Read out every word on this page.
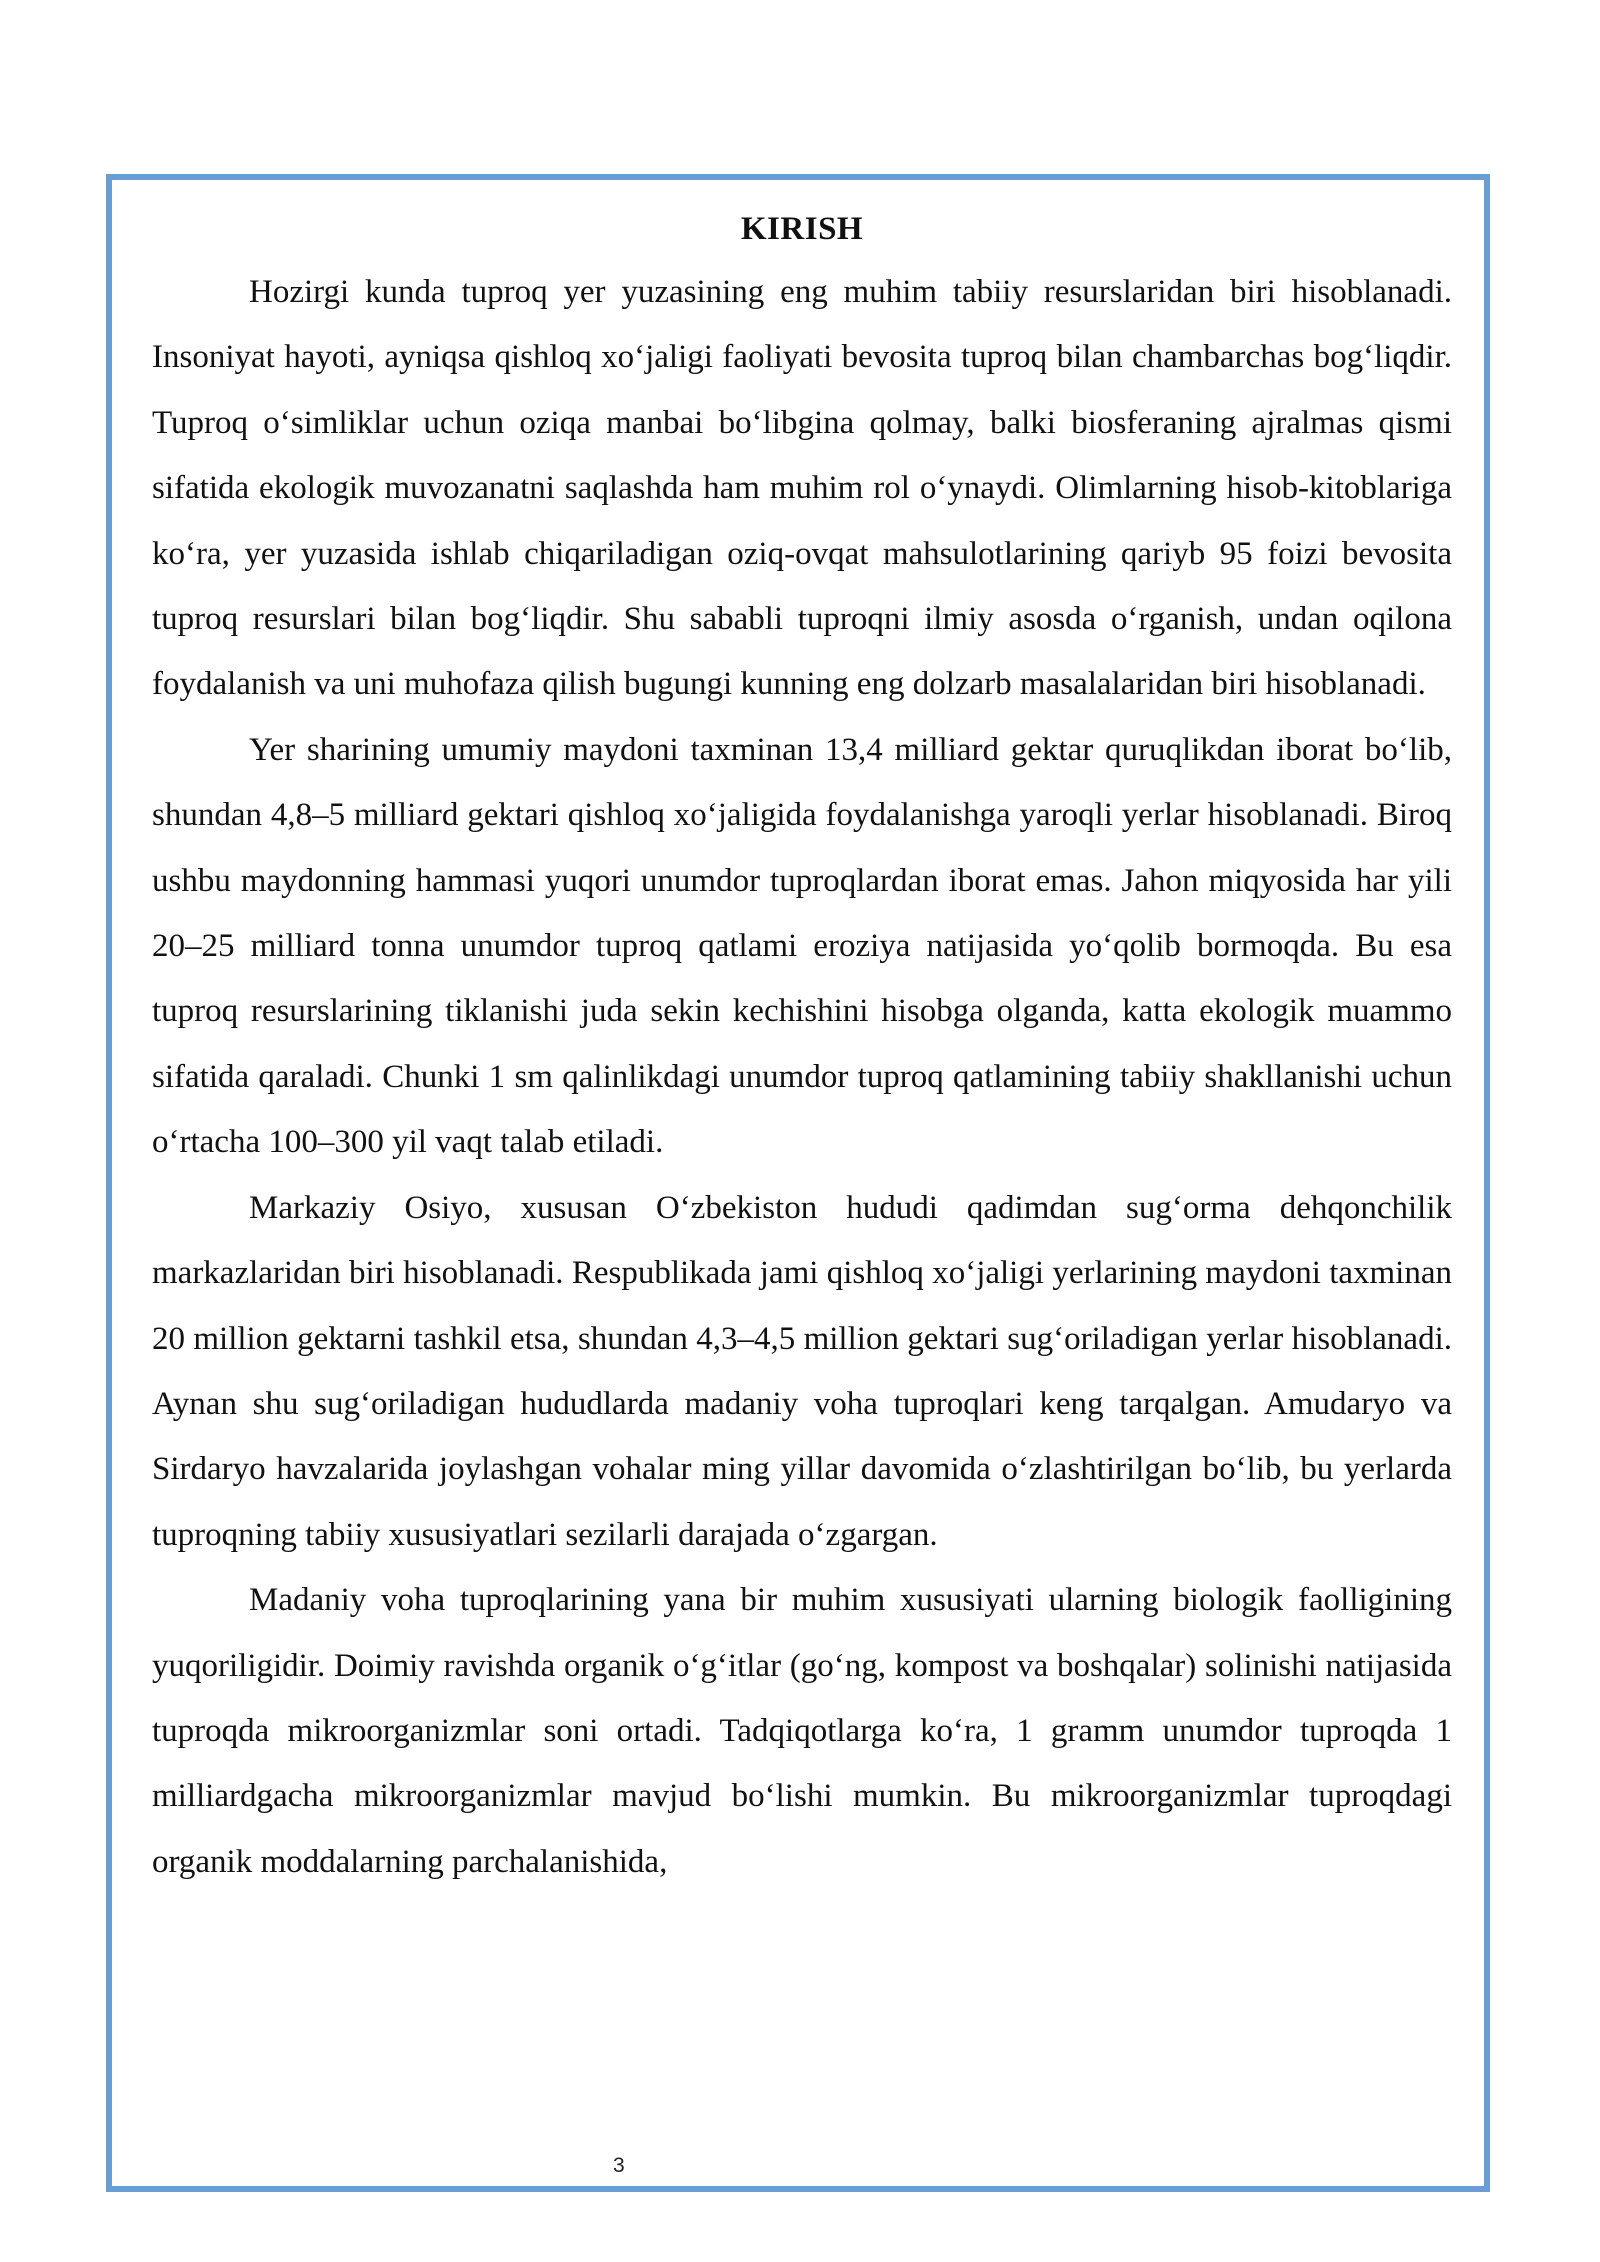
KIRISH

Hozirgi kunda tuproq yer yuzasining eng muhim tabiiy resurslaridan biri hisoblanadi. Insoniyat hayoti, ayniqsa qishloq xo‘jaligi faoliyati bevosita tuproq bilan chambarchas bog‘liqdir. Tuproq o‘simliklar uchun oziqa manbai bo‘libgina qolmay, balki biosferaning ajralmas qismi sifatida ekologik muvozanatni saqlashda ham muhim rol o‘ynaydi. Olimlarning hisob-kitoblariga ko‘ra, yer yuzasida ishlab chiqariladigan oziq-ovqat mahsulotlarining qariyb 95 foizi bevosita tuproq resurslari bilan bog‘liqdir. Shu sababli tuproqni ilmiy asosda o‘rganish, undan oqilona foydalanish va uni muhofaza qilish bugungi kunning eng dolzarb masalalaridan biri hisoblanadi.

Yer sharining umumiy maydoni taxminan 13,4 milliard gektar quruqlikdan iborat bo‘lib, shundan 4,8–5 milliard gektari qishloq xo‘jaligida foydalanishga yaroqli yerlar hisoblanadi. Biroq ushbu maydonning hammasi yuqori unumdor tuproqlardan iborat emas. Jahon miqyosida har yili 20–25 milliard tonna unumdor tuproq qatlami eroziya natijasida yo‘qolib bormoqda. Bu esa tuproq resurslarining tiklanishi juda sekin kechishini hisobga olganda, katta ekologik muammo sifatida qaraladi. Chunki 1 sm qalinlikdagi unumdor tuproq qatlamining tabiiy shakllanishi uchun o‘rtacha 100–300 yil vaqt talab etiladi.

Markaziy Osiyo, xususan O‘zbekiston hududi qadimdan sug‘orma dehqonchilik markazlaridan biri hisoblanadi. Respublikada jami qishloq xo‘jaligi yerlarining maydoni taxminan 20 million gektarni tashkil etsa, shundan 4,3–4,5 million gektari sug‘oriladigan yerlar hisoblanadi. Aynan shu sug‘oriladigan hududlarda madaniy voha tuproqlari keng tarqalgan. Amudaryo va Sirdaryo havzalarida joylashgan vohalar ming yillar davomida o‘zlashtirilgan bo‘lib, bu yerlarda tuproqning tabiiy xususiyatlari sezilarli darajada o‘zgargan.

Madaniy voha tuproqlarining yana bir muhim xususiyati ularning biologik faolligining yuqoriligidir. Doimiy ravishda organik o‘g‘itlar (go‘ng, kompost va boshqalar) solinishi natijasida tuproqda mikroorganizmlar soni ortadi. Tadqiqotlarga ko‘ra, 1 gramm unumdor tuproqda 1 milliardgacha mikroorganizmlar mavjud bo‘lishi mumkin. Bu mikroorganizmlar tuproqdagi organik moddalarning parchalanishida,

3
